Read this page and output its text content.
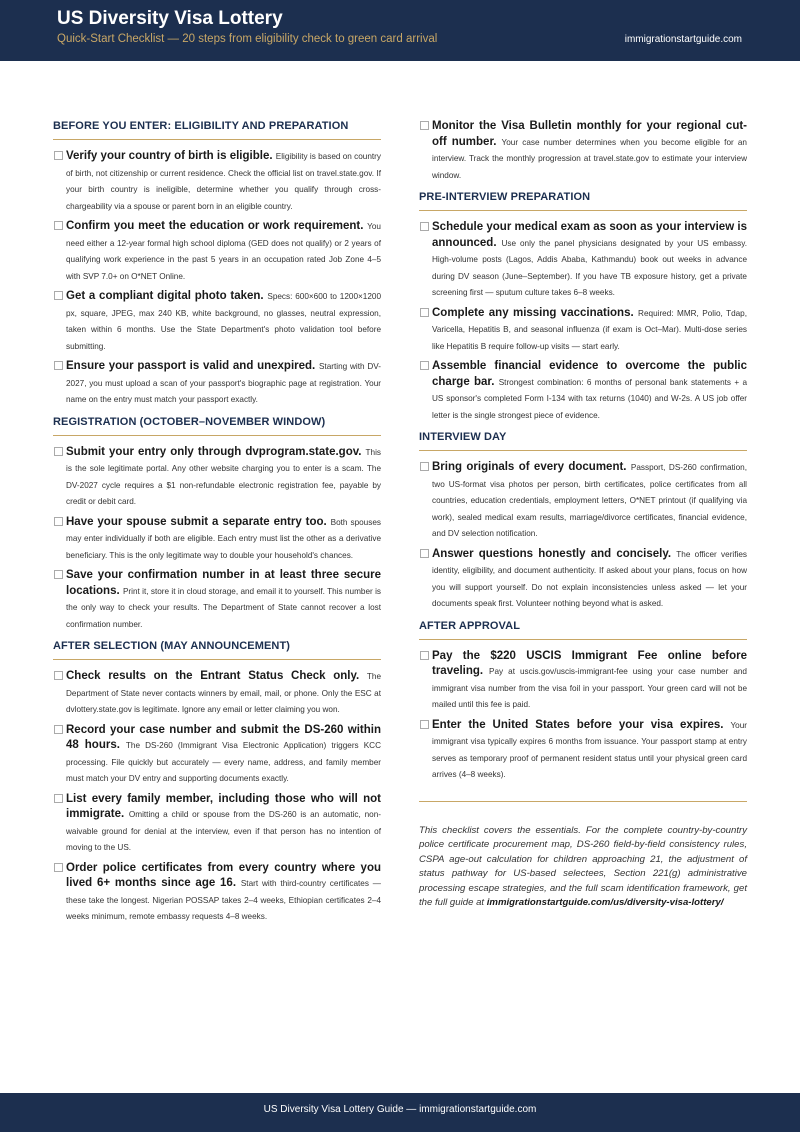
US Diversity Visa Lottery
Quick-Start Checklist — 20 steps from eligibility check to green card arrival	immigrationstartguide.com
BEFORE YOU ENTER: ELIGIBILITY AND PREPARATION
Verify your country of birth is eligible. Eligibility is based on country of birth, not citizenship or current residence. Check the official list on travel.state.gov. If your birth country is ineligible, determine whether you qualify through cross-chargeability via a spouse or parent born in an eligible country.
Confirm you meet the education or work requirement. You need either a 12-year formal high school diploma (GED does not qualify) or 2 years of qualifying work experience in the past 5 years in an occupation rated Job Zone 4–5 with SVP 7.0+ on O*NET Online.
Get a compliant digital photo taken. Specs: 600×600 to 1200×1200 px, square, JPEG, max 240 KB, white background, no glasses, neutral expression, taken within 6 months. Use the State Department's photo validation tool before submitting.
Ensure your passport is valid and unexpired. Starting with DV-2027, you must upload a scan of your passport's biographic page at registration. Your name on the entry must match your passport exactly.
REGISTRATION (OCTOBER–NOVEMBER WINDOW)
Submit your entry only through dvprogram.state.gov. This is the sole legitimate portal. Any other website charging you to enter is a scam. The DV-2027 cycle requires a $1 non-refundable electronic registration fee, payable by credit or debit card.
Have your spouse submit a separate entry too. Both spouses may enter individually if both are eligible. Each entry must list the other as a derivative beneficiary. This is the only legitimate way to double your household's chances.
Save your confirmation number in at least three secure locations. Print it, store it in cloud storage, and email it to yourself. This number is the only way to check your results. The Department of State cannot recover a lost confirmation number.
AFTER SELECTION (MAY ANNOUNCEMENT)
Check results on the Entrant Status Check only. The Department of State never contacts winners by email, mail, or phone. Only the ESC at dvlottery.state.gov is legitimate. Ignore any email or letter claiming you won.
Record your case number and submit the DS-260 within 48 hours. The DS-260 (Immigrant Visa Electronic Application) triggers KCC processing. File quickly but accurately — every name, address, and family member must match your DV entry and supporting documents exactly.
List every family member, including those who will not immigrate. Omitting a child or spouse from the DS-260 is an automatic, non-waivable ground for denial at the interview, even if that person has no intention of moving to the US.
Order police certificates from every country where you lived 6+ months since age 16. Start with third-country certificates — these take the longest. Nigerian POSSAP takes 2–4 weeks, Ethiopian certificates 2–4 weeks minimum, remote embassy requests 4–8 weeks.
Monitor the Visa Bulletin monthly for your regional cut-off number. Your case number determines when you become eligible for an interview. Track the monthly progression at travel.state.gov to estimate your interview window.
PRE-INTERVIEW PREPARATION
Schedule your medical exam as soon as your interview is announced. Use only the panel physicians designated by your US embassy. High-volume posts (Lagos, Addis Ababa, Kathmandu) book out weeks in advance during DV season (June–September). If you have TB exposure history, get a private screening first — sputum culture takes 6–8 weeks.
Complete any missing vaccinations. Required: MMR, Polio, Tdap, Varicella, Hepatitis B, and seasonal influenza (if exam is Oct–Mar). Multi-dose series like Hepatitis B require follow-up visits — start early.
Assemble financial evidence to overcome the public charge bar. Strongest combination: 6 months of personal bank statements + a US sponsor's completed Form I-134 with tax returns (1040) and W-2s. A US job offer letter is the single strongest piece of evidence.
INTERVIEW DAY
Bring originals of every document. Passport, DS-260 confirmation, two US-format visa photos per person, birth certificates, police certificates from all countries, education credentials, employment letters, O*NET printout (if qualifying via work), sealed medical exam results, marriage/divorce certificates, financial evidence, and DV selection notification.
Answer questions honestly and concisely. The officer verifies identity, eligibility, and document authenticity. If asked about your plans, focus on how you will support yourself. Do not explain inconsistencies unless asked — let your documents speak first. Volunteer nothing beyond what is asked.
AFTER APPROVAL
Pay the $220 USCIS Immigrant Fee online before traveling. Pay at uscis.gov/uscis-immigrant-fee using your case number and immigrant visa number from the visa foil in your passport. Your green card will not be mailed until this fee is paid.
Enter the United States before your visa expires. Your immigrant visa typically expires 6 months from issuance. Your passport stamp at entry serves as temporary proof of permanent resident status until your physical green card arrives (4–8 weeks).
This checklist covers the essentials. For the complete country-by-country police certificate procurement map, DS-260 field-by-field consistency rules, CSPA age-out calculation for children approaching 21, the adjustment of status pathway for US-based selectees, Section 221(g) administrative processing escape strategies, and the full scam identification framework, get the full guide at immigrationstartguide.com/us/diversity-visa-lottery/
US Diversity Visa Lottery Guide — immigrationstartguide.com
